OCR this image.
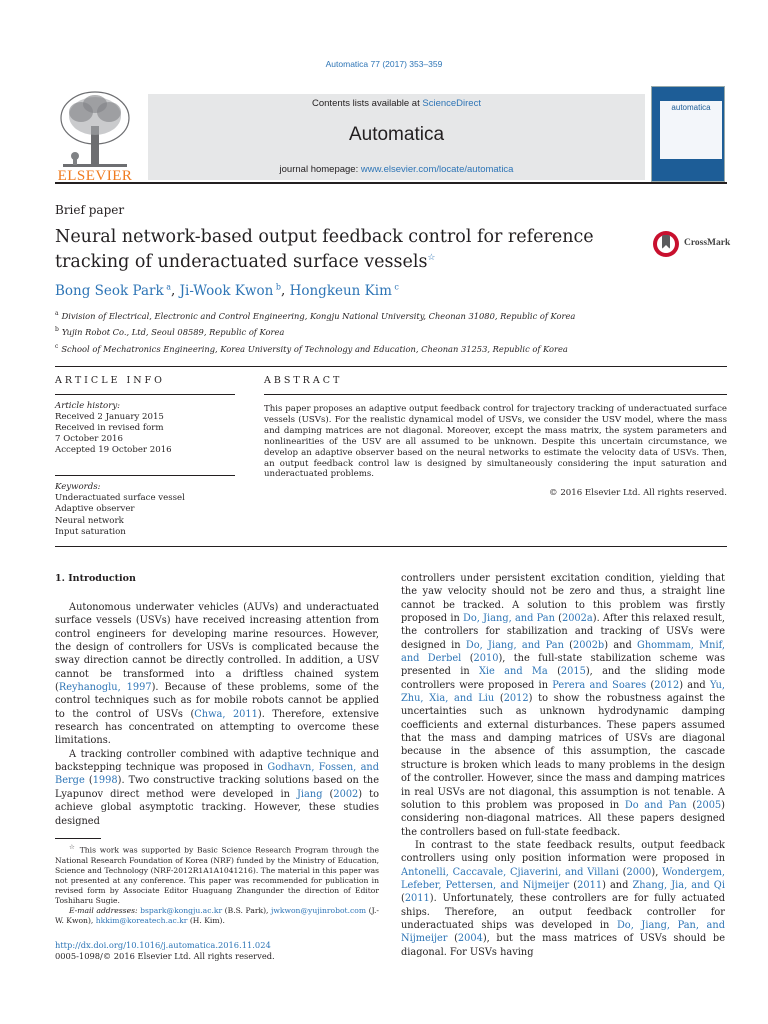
Automatica 77 (2017) 353–359
ELSEVIER
Contents lists available at ScienceDirect
Automatica
journal homepage: www.elsevier.com/locate/automatica
automatica
Brief paper
Neural network-based output feedback control for reference tracking of underactuated surface vessels☆
CrossMark
Bong Seok Park $^a$, Ji-Wook Kwon $^b$, Hongkeun Kim $^c$
$^a$ Division of Electrical, Electronic and Control Engineering, Kongju National University, Cheonan 31080, Republic of Korea
$^b$ Yujin Robot Co., Ltd, Seoul 08589, Republic of Korea
$^c$ School of Mechatronics Engineering, Korea University of Technology and Education, Cheonan 31253, Republic of Korea
ARTICLE INFO	ABSTRACT
Article history:
Received 2 January 2015
Received in revised form
7 October 2016
Accepted 19 October 2016
Keywords:
Underactuated surface vessel
Adaptive observer
Neural network
Input saturation
This paper proposes an adaptive output feedback control for trajectory tracking of underactuated surface vessels (USVs). For the realistic dynamical model of USVs, we consider the USV model, where the mass and damping matrices are not diagonal. Moreover, except the mass matrix, the system parameters and nonlinearities of the USV are all assumed to be unknown. Despite this uncertain circumstance, we develop an adaptive observer based on the neural networks to estimate the velocity data of USVs. Then, an output feedback control law is designed by simultaneously considering the input saturation and underactuated problems.
© 2016 Elsevier Ltd. All rights reserved.
1. Introduction

Autonomous underwater vehicles (AUVs) and underactuated surface vessels (USVs) have received increasing attention from control engineers for developing marine resources. However, the design of controllers for USVs is complicated because the sway direction cannot be directly controlled. In addition, a USV cannot be transformed into a driftless chained system (Reyhanoglu, 1997). Because of these problems, some of the control techniques such as for mobile robots cannot be applied to the control of USVs (Chwa, 2011). Therefore, extensive research has concentrated on attempting to overcome these limitations.

A tracking controller combined with adaptive technique and backstepping technique was proposed in Godhavn, Fossen, and Berge (1998). Two constructive tracking solutions based on the Lyapunov direct method were developed in Jiang (2002) to achieve global asymptotic tracking. However, these studies designed

controllers under persistent excitation condition, yielding that the yaw velocity should not be zero and thus, a straight line cannot be tracked. A solution to this problem was firstly proposed in Do, Jiang, and Pan (2002a). After this relaxed result, the controllers for stabilization and tracking of USVs were designed in Do, Jiang, and Pan (2002b) and Ghommam, Mnif, and Derbel (2010), the full-state stabilization scheme was presented in Xie and Ma (2015), and the sliding mode controllers were proposed in Perera and Soares (2012) and Yu, Zhu, Xia, and Liu (2012) to show the robustness against the uncertainties such as unknown hydrodynamic damping coefficients and external disturbances. These papers assumed that the mass and damping matrices of USVs are diagonal because in the absence of this assumption, the cascade structure is broken which leads to many problems in the design of the controller. However, since the mass and damping matrices in real USVs are not diagonal, this assumption is not tenable. A solution to this problem was proposed in Do and Pan (2005) considering non-diagonal matrices. All these papers designed the controllers based on full-state feedback.

In contrast to the state feedback results, output feedback controllers using only position information were proposed in Antonelli, Caccavale, Cjiaverini, and Villani (2000), Wondergem, Lefeber, Pettersen, and Nijmeijer (2011) and Zhang, Jia, and Qi (2011). Unfortunately, these controllers are for fully actuated ships. Therefore, an output feedback controller for underactuated ships was developed in Do, Jiang, Pan, and Nijmeijer (2004), but the mass matrices of USVs should be diagonal. For USVs having

☆ This work was supported by Basic Science Research Program through the National Research Foundation of Korea (NRF) funded by the Ministry of Education, Science and Technology (NRF-2012R1A1A1041216). The material in this paper was not presented at any conference. This paper was recommended for publication in revised form by Associate Editor Huaguang Zhangunder the direction of Editor Toshiharu Sugie.

E-mail addresses: bspark@kongju.ac.kr (B.S. Park), jwkwon@yujinrobot.com (J.-W. Kwon), hkkim@koreatech.ac.kr (H. Kim).

http://dx.doi.org/10.1016/j.automatica.2016.11.024
0005-1098/© 2016 Elsevier Ltd. All rights reserved.
